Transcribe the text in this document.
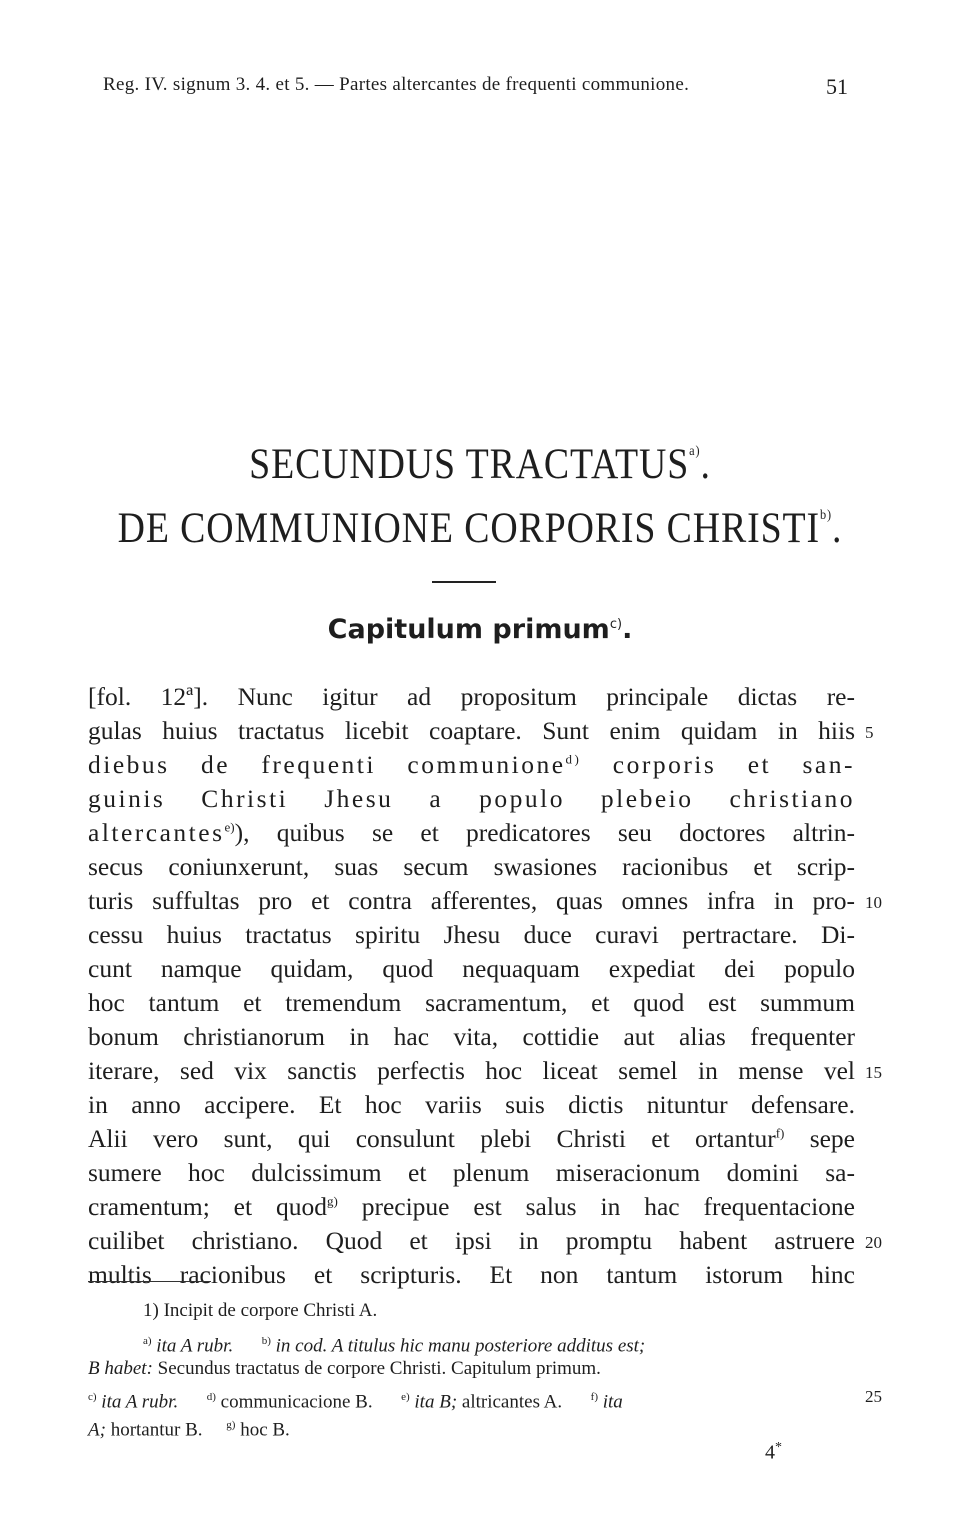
Reg. IV. signum 3. 4. et 5. — Partes altercantes de frequenti communione.	51
SECUNDUS TRACTATUS$^{a)}$.
DE COMMUNIONE CORPORIS CHRISTI$^{b)}$.
Capitulum primum$^{c)}$.
[fol. 12ª]. Nunc igitur ad propositum principale dictas re-
gulas huius tractatus licebit coaptare. Sunt enim quidam in hiis
diebus de frequenti communione$^{d)}$ corporis et san-
guinis Christi Jhesu a populo plebeio christiano
altercantes$^{e)}$), quibus se et predicatores seu doctores altrin-
secus coniunxerunt, suas secum swasiones racionibus et scrip-
turis suffultas pro et contra afferentes, quas omnes infra in pro-
cessu huius tractatus spiritu Jhesu duce curavi pertractare. Di-
cunt namque quidam, quod nequaquam expediat dei populo
hoc tantum et tremendum sacramentum, et quod est summum
bonum christianorum in hac vita, cottidie aut alias frequenter
iterare, sed vix sanctis perfectis hoc liceat semel in mense vel
in anno accipere. Et hoc variis suis dictis nituntur defensare.
Alii vero sunt, qui consulunt plebi Christi et ortantur$^{f)}$ sepe
sumere hoc dulcissimum et plenum miseracionum domini sa-
cramentum; et quod$^{g)}$ precipue est salus in hac frequentacione
cuilibet christiano. Quod et ipsi in promptu habent astruere
multis racionibus et scripturis. Et non tantum istorum hinc
5
10
15
20
1) Incipit de corpore Christi A.
$^{a)}$ ita A rubr.	$^{b)}$ in cod. A titulus hic manu posteriore additus est;
B habet: Secundus tractatus de corpore Christi. Capitulum primum.
$^{c)}$ ita A rubr.	$^{d)}$ communicacione B.	$^{e)}$ ita B; altricantes A.	$^{f)}$ ita	25
A; hortantur B. $^{g)}$ hoc B.
4*
